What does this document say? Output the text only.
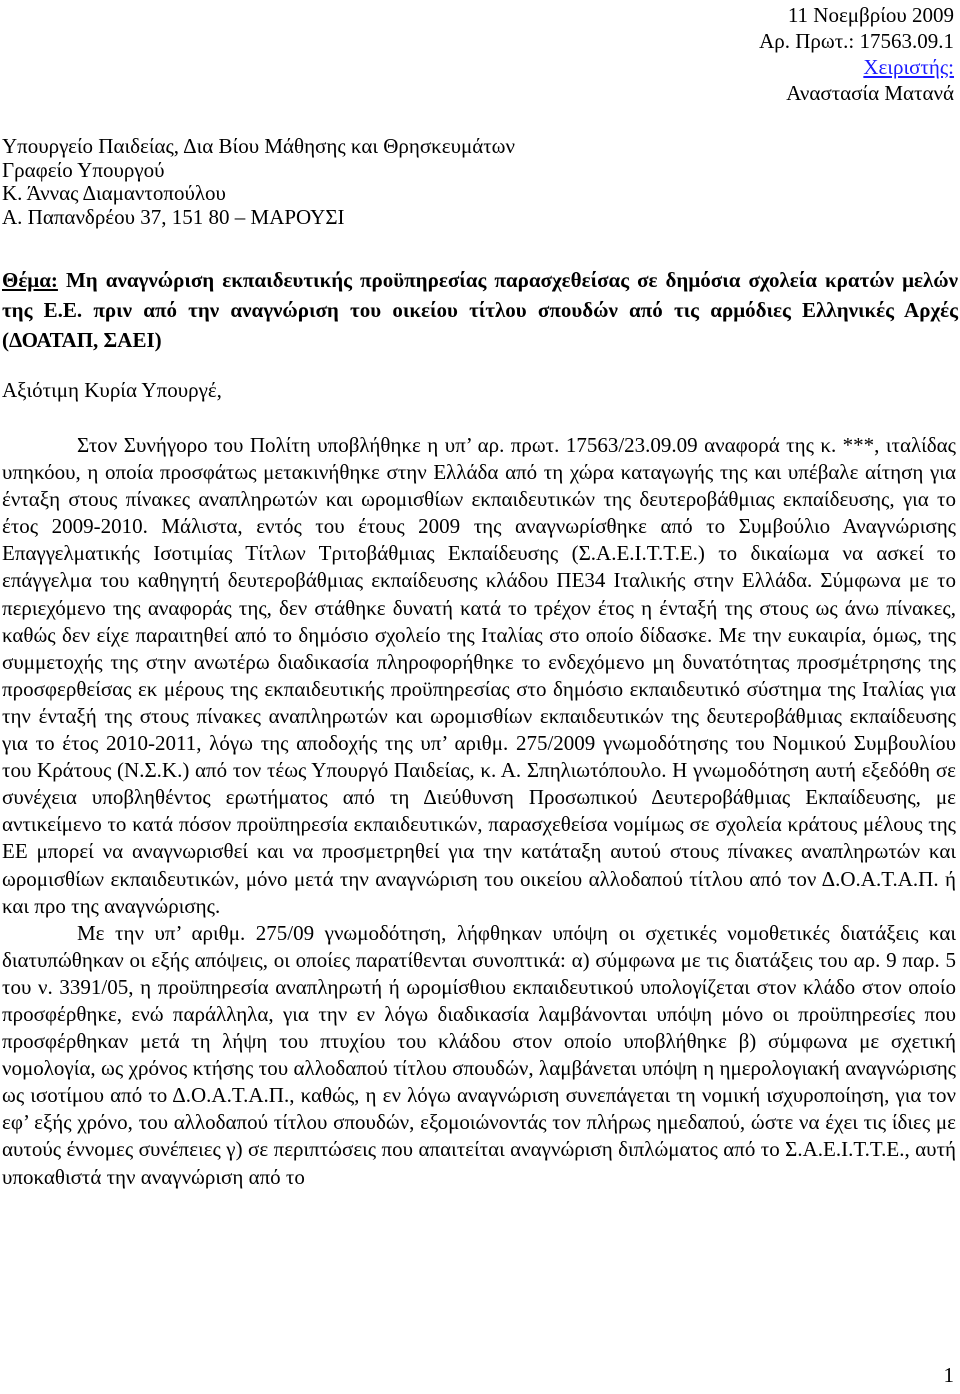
11 Νοεμβρίου 2009
Αρ. Πρωτ.: 17563.09.1
Χειριστής:
Αναστασία Ματανά
Υπουργείο Παιδείας, Δια Βίου Μάθησης και Θρησκευμάτων
Γραφείο Υπουργού
Κ. Άννας Διαμαντοπούλου
Α. Παπανδρέου 37, 151 80 – ΜΑΡΟΥΣΙ
Θέμα: Μη αναγνώριση εκπαιδευτικής προϋπηρεσίας παρασχεθείσας σε δημόσια σχολεία κρατών μελών της Ε.Ε. πριν από την αναγνώριση του οικείου τίτλου σπουδών από τις αρμόδιες Ελληνικές Αρχές (ΔΟΑΤΑΠ, ΣΑΕΙ)
Αξιότιμη Κυρία Υπουργέ,

Στον Συνήγορο του Πολίτη υποβλήθηκε η υπ’ αρ. πρωτ. 17563/23.09.09 αναφορά της κ. ***, ιταλίδας υπηκόου, η οποία προσφάτως μετακινήθηκε στην Ελλάδα από τη χώρα καταγωγής της και υπέβαλε αίτηση για ένταξη στους πίνακες αναπληρωτών και ωρομισθίων εκπαιδευτικών της δευτεροβάθμιας εκπαίδευσης, για το έτος 2009-2010. Μάλιστα, εντός του έτους 2009 της αναγνωρίσθηκε από το Συμβούλιο Αναγνώρισης Επαγγελματικής Ισοτιμίας Τίτλων Τριτοβάθμιας Εκπαίδευσης (Σ.Α.Ε.Ι.Τ.Τ.Ε.) το δικαίωμα να ασκεί το επάγγελμα του καθηγητή δευτεροβάθμιας εκπαίδευσης κλάδου ΠΕ34 Ιταλικής στην Ελλάδα. Σύμφωνα με το περιεχόμενο της αναφοράς της, δεν στάθηκε δυνατή κατά το τρέχον έτος η ένταξή της στους ως άνω πίνακες, καθώς δεν είχε παραιτηθεί από το δημόσιο σχολείο της Ιταλίας στο οποίο δίδασκε. Με την ευκαιρία, όμως, της συμμετοχής της στην ανωτέρω διαδικασία πληροφορήθηκε το ενδεχόμενο μη δυνατότητας προσμέτρησης της προσφερθείσας εκ μέρους της εκπαιδευτικής προϋπηρεσίας στο δημόσιο εκπαιδευτικό σύστημα της Ιταλίας για την ένταξή της στους πίνακες αναπληρωτών και ωρομισθίων εκπαιδευτικών της δευτεροβάθμιας εκπαίδευσης για το έτος 2010-2011, λόγω της αποδοχής της υπ’ αριθμ. 275/2009 γνωμοδότησης του Νομικού Συμβουλίου του Κράτους (Ν.Σ.Κ.) από τον τέως Υπουργό Παιδείας, κ. Α. Σπηλιωτόπουλο. Η γνωμοδότηση αυτή εξεδόθη σε συνέχεια υποβληθέντος ερωτήματος από τη Διεύθυνση Προσωπικού Δευτεροβάθμιας Εκπαίδευσης, με αντικείμενο το κατά πόσον προϋπηρεσία εκπαιδευτικών, παρασχεθείσα νομίμως σε σχολεία κράτους μέλους της ΕΕ μπορεί να αναγνωρισθεί και να προσμετρηθεί για την κατάταξη αυτού στους πίνακες αναπληρωτών και ωρομισθίων εκπαιδευτικών, μόνο μετά την αναγνώριση του οικείου αλλοδαπού τίτλου από τον Δ.Ο.Α.Τ.Α.Π. ή και προ της αναγνώρισης.

Με την υπ’ αριθμ. 275/09 γνωμοδότηση, λήφθηκαν υπόψη οι σχετικές νομοθετικές διατάξεις και διατυπώθηκαν οι εξής απόψεις, οι οποίες παρατίθενται συνοπτικά: α) σύμφωνα με τις διατάξεις του αρ. 9 παρ. 5 του ν. 3391/05, η προϋπηρεσία αναπληρωτή ή ωρομίσθιου εκπαιδευτικού υπολογίζεται στον κλάδο στον οποίο προσφέρθηκε, ενώ παράλληλα, για την εν λόγω διαδικασία λαμβάνονται υπόψη μόνο οι προϋπηρεσίες που προσφέρθηκαν μετά τη λήψη του πτυχίου του κλάδου στον οποίο υποβλήθηκε β) σύμφωνα με σχετική νομολογία, ως χρόνος κτήσης του αλλοδαπού τίτλου σπουδών, λαμβάνεται υπόψη η ημερολογιακή αναγνώρισης ως ισοτίμου από το Δ.Ο.Α.Τ.Α.Π., καθώς, η εν λόγω αναγνώριση συνεπάγεται τη νομική ισχυροποίηση, για τον εφ’ εξής χρόνο, του αλλοδαπού τίτλου σπουδών, εξομοιώνοντάς τον πλήρως ημεδαπού, ώστε να έχει τις ίδιες με αυτούς έννομες συνέπειες γ) σε περιπτώσεις που απαιτείται αναγνώριση διπλώματος από το Σ.Α.Ε.Ι.Τ.Τ.Ε., αυτή υποκαθιστά την αναγνώριση από το

1
